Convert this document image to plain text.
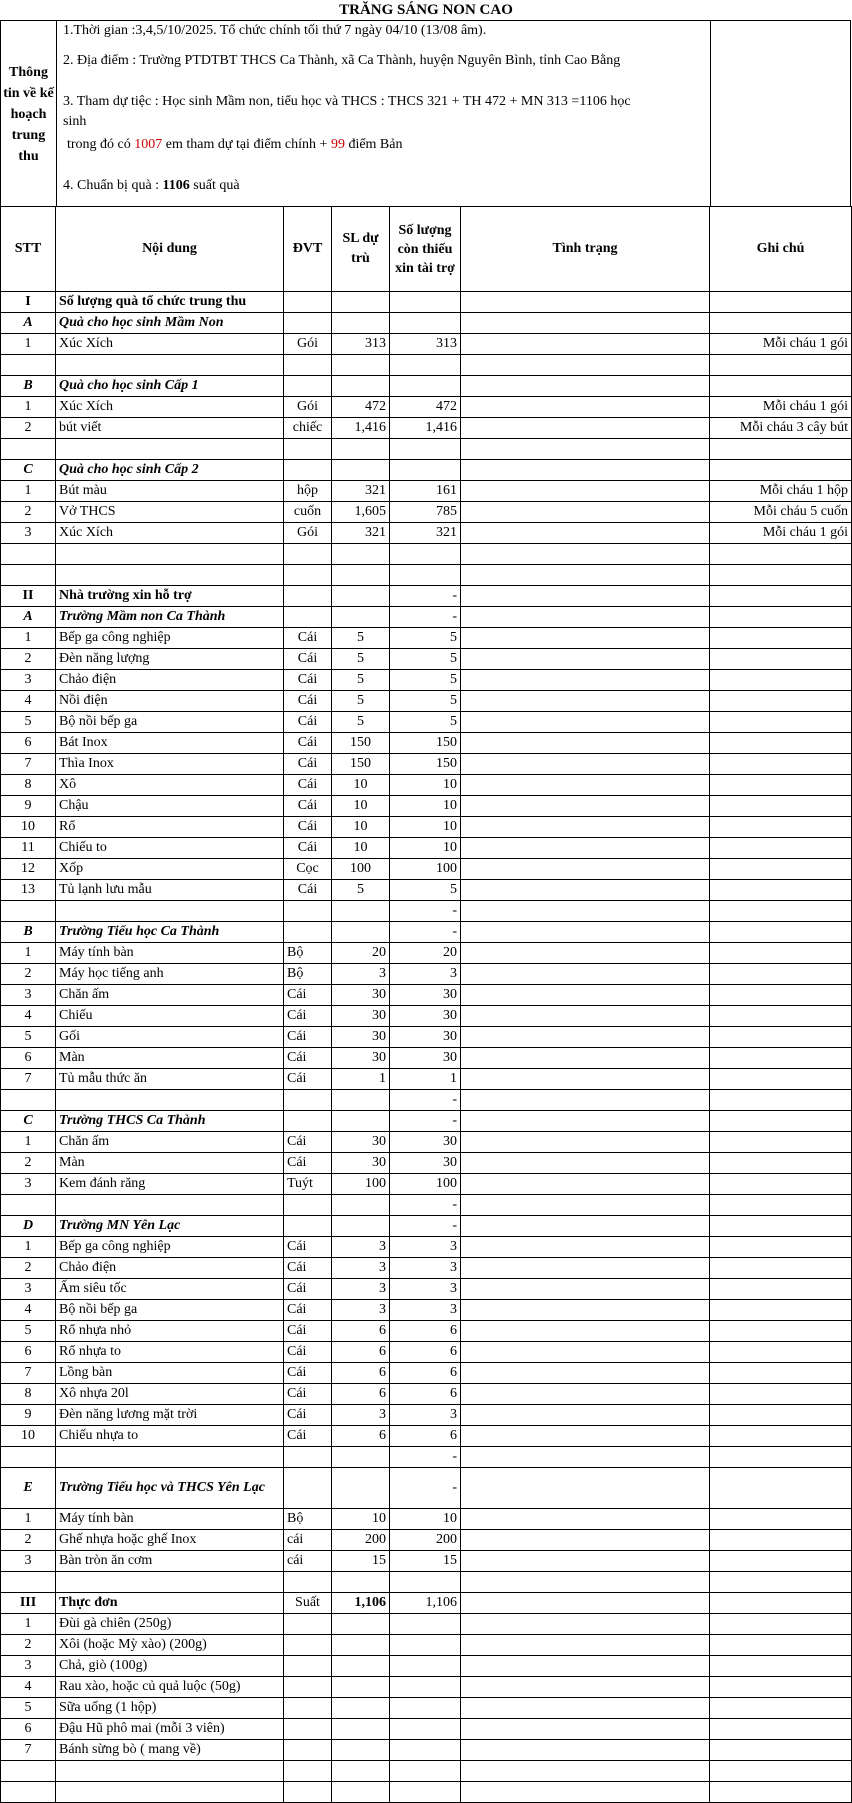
TRĂNG SÁNG NON CAO
Thông tin về kế hoạch trung thu
1.Thời gian :3,4,5/10/2025. Tổ chức chính tối thứ 7 ngày 04/10 (13/08 âm).
2. Địa điểm : Trường PTDTBT THCS Ca Thành, xã Ca Thành, huyện Nguyên Bình, tỉnh Cao Bằng
3. Tham dự tiệc : Học sinh Mầm non, tiểu học và THCS : THCS 321 + TH 472 + MN 313 =1106 học
sinh
trong đó có 1007 em tham dự tại điểm chính + 99 điểm Bản
4. Chuẩn bị quà : 1106 suất quà
STT	Nội dung	ĐVT	SL dự trù	Số lượng còn thiếu xin tài trợ	Tình trạng	Ghi chú
I	Số lượng quà tổ chức trung thu					
A	Quà cho học sinh Mầm Non					
1	Xúc Xích	Gói	313	313		Mỗi cháu 1 gói

B	Quà cho học sinh Cấp 1					
1	Xúc Xích	Gói	472	472		Mỗi cháu 1 gói
2	bút viết	chiếc	1,416	1,416		Mỗi cháu 3 cây bút

C	Quà cho học sinh Cấp 2					
1	Bút màu	hộp	321	161		Mỗi cháu 1 hộp
2	Vở THCS	cuốn	1,605	785		Mỗi cháu 5 cuốn
3	Xúc Xích	Gói	321	321		Mỗi cháu 1 gói

II	Nhà trường xin hỗ trợ			-		
A	Trường Mầm non Ca Thành			-		
1	Bếp ga công nghiệp	Cái	5	5		
2	Đèn năng lượng	Cái	5	5		
3	Chảo điện	Cái	5	5		
4	Nồi điện	Cái	5	5		
5	Bộ nồi bếp ga	Cái	5	5		
6	Bát Inox	Cái	150	150		
7	Thìa Inox	Cái	150	150		
8	Xô	Cái	10	10		
9	Chậu	Cái	10	10		
10	Rổ	Cái	10	10		
11	Chiếu to	Cái	10	10		
12	Xốp	Cọc	100	100		
13	Tủ lạnh lưu mẫu	Cái	5	5		
				-		
B	Trường Tiểu học Ca Thành			-		
1	Máy tính bàn	Bộ	20	20		
2	Máy học tiếng anh	Bộ	3	3		
3	Chăn ấm	Cái	30	30		
4	Chiếu	Cái	30	30		
5	Gối	Cái	30	30		
6	Màn	Cái	30	30		
7	Tủ mẫu thức ăn	Cái	1	1		
				-		
C	Trường THCS Ca Thành			-		
1	Chăn ấm	Cái	30	30		
2	Màn	Cái	30	30		
3	Kem đánh răng	Tuýt	100	100		
				-		
D	Trường MN Yên Lạc			-		
1	Bếp ga công nghiệp	Cái	3	3		
2	Chảo điện	Cái	3	3		
3	Ấm siêu tốc	Cái	3	3		
4	Bộ nồi bếp ga	Cái	3	3		
5	Rổ nhựa nhỏ	Cái	6	6		
6	Rổ nhựa to	Cái	6	6		
7	Lồng bàn	Cái	6	6		
8	Xô nhựa 20l	Cái	6	6		
9	Đèn năng lương mặt trời	Cái	3	3		
10	Chiếu nhựa to	Cái	6	6		
				-		
E	Trường Tiểu học và THCS Yên Lạc			-		
1	Máy tính bàn	Bộ	10	10		
2	Ghế nhựa hoặc ghế Inox	cái	200	200		
3	Bàn tròn ăn cơm	cái	15	15		

III	Thực đơn	Suất	1,106	1,106		
1	Đùi gà chiên (250g)					
2	Xôi (hoặc Mỳ xào) (200g)					
3	Chả, giò (100g)					
4	Rau xào, hoặc củ quả luộc (50g)					
5	Sữa uống (1 hộp)					
6	Đậu Hũ phô mai (mỗi 3 viên)					
7	Bánh sừng bò ( mang về)					
